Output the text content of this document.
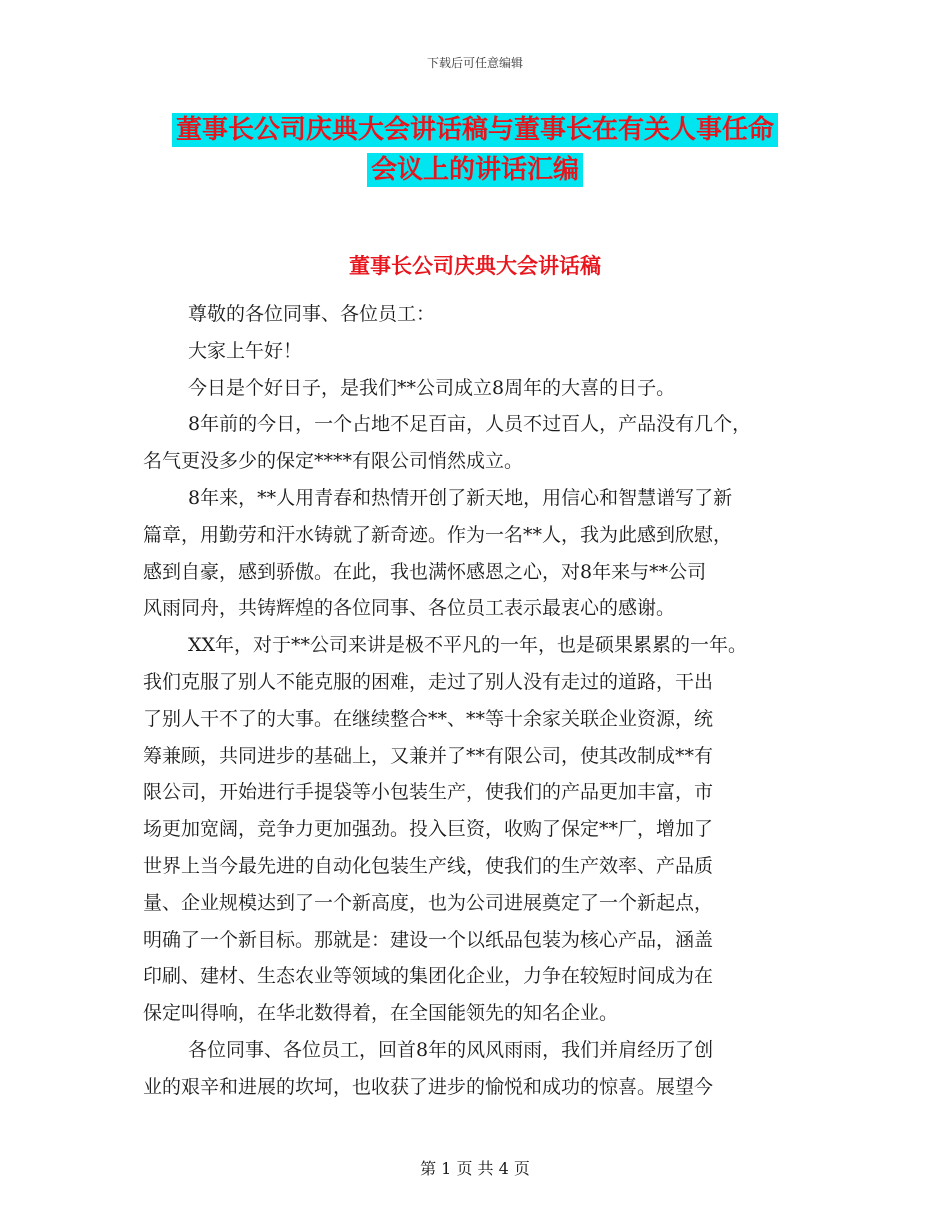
下载后可任意编辑
董事长公司庆典大会讲话稿与董事长在有关人事任命
会议上的讲话汇编
董事长公司庆典大会讲话稿
尊敬的各位同事、各位员工：
大家上午好！
今日是个好日子，是我们**公司成立8周年的大喜的日子。
8年前的今日，一个占地不足百亩，人员不过百人，产品没有几个，
名气更没多少的保定****有限公司悄然成立。
8年来，**人用青春和热情开创了新天地，用信心和智慧谱写了新
篇章，用勤劳和汗水铸就了新奇迹。作为一名**人，我为此感到欣慰，
感到自豪，感到骄傲。在此，我也满怀感恩之心，对8年来与**公司
风雨同舟，共铸辉煌的各位同事、各位员工表示最衷心的感谢。
XX年，对于**公司来讲是极不平凡的一年，也是硕果累累的一年。
我们克服了别人不能克服的困难，走过了别人没有走过的道路，干出
了别人干不了的大事。在继续整合**、**等十余家关联企业资源，统
筹兼顾，共同进步的基础上，又兼并了**有限公司，使其改制成**有
限公司，开始进行手提袋等小包装生产，使我们的产品更加丰富，市
场更加宽阔，竞争力更加强劲。投入巨资，收购了保定**厂，增加了
世界上当今最先进的自动化包装生产线，使我们的生产效率、产品质
量、企业规模达到了一个新高度，也为公司进展奠定了一个新起点，
明确了一个新目标。那就是：建设一个以纸品包装为核心产品，涵盖
印刷、建材、生态农业等领域的集团化企业，力争在较短时间成为在
保定叫得响，在华北数得着，在全国能领先的知名企业。
各位同事、各位员工，回首8年的风风雨雨，我们并肩经历了创
业的艰辛和进展的坎坷，也收获了进步的愉悦和成功的惊喜。展望今
第 1 页 共 4 页
